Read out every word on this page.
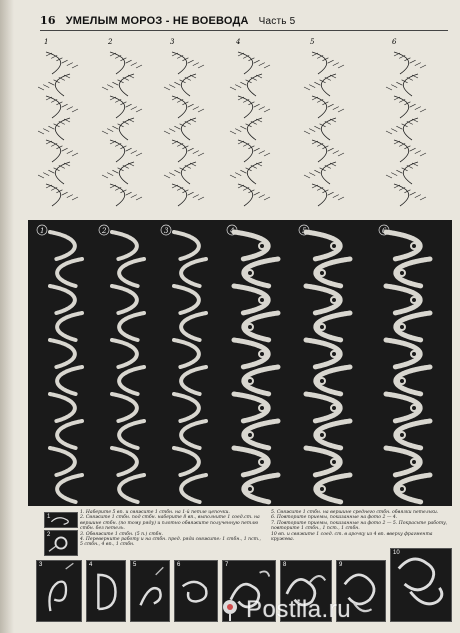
16 УМЕЛЫМ МОРОЗ - НЕ ВОЕВОДА Часть 5
1	2	3	4	5	6
1	2	3	4	5	6

1. Наберите 5 вп. и свяжите 1 стбн. на 1-й петле цепочки.

2. Свяжите 1 стбн. под стбн. наберите 8 вп., выполните 1 соед.ст. на вершине стбн. (по тому ряду) и плотно обвяжите полученную петлю стбн. без петель.

3. Обвяжите 1 стбн. (5 п.) стбн.

4. Переверните работу и на стбн. пред. ряда свяжите: 1 стбн., 1 пст., 5 стбн., 4 вп., 1 стбн.

5. Свяжите 1 стбн. на вершине среднего стбн. обвязки петельки.

6. Повторите приемы, показанные на фото 2 — 4.

7. Повторите приемы, показанные на фото 2 — 5. Покрасьте работу, повторите 1 стбн., 1 пст., 1 стбн.

10 вп. и свяжите 1 соед. ст. в арочку из 4 вп. вверху фрагмента кружева.

1
2
3	4	5	6	7	8	9
10
Postila.ru
